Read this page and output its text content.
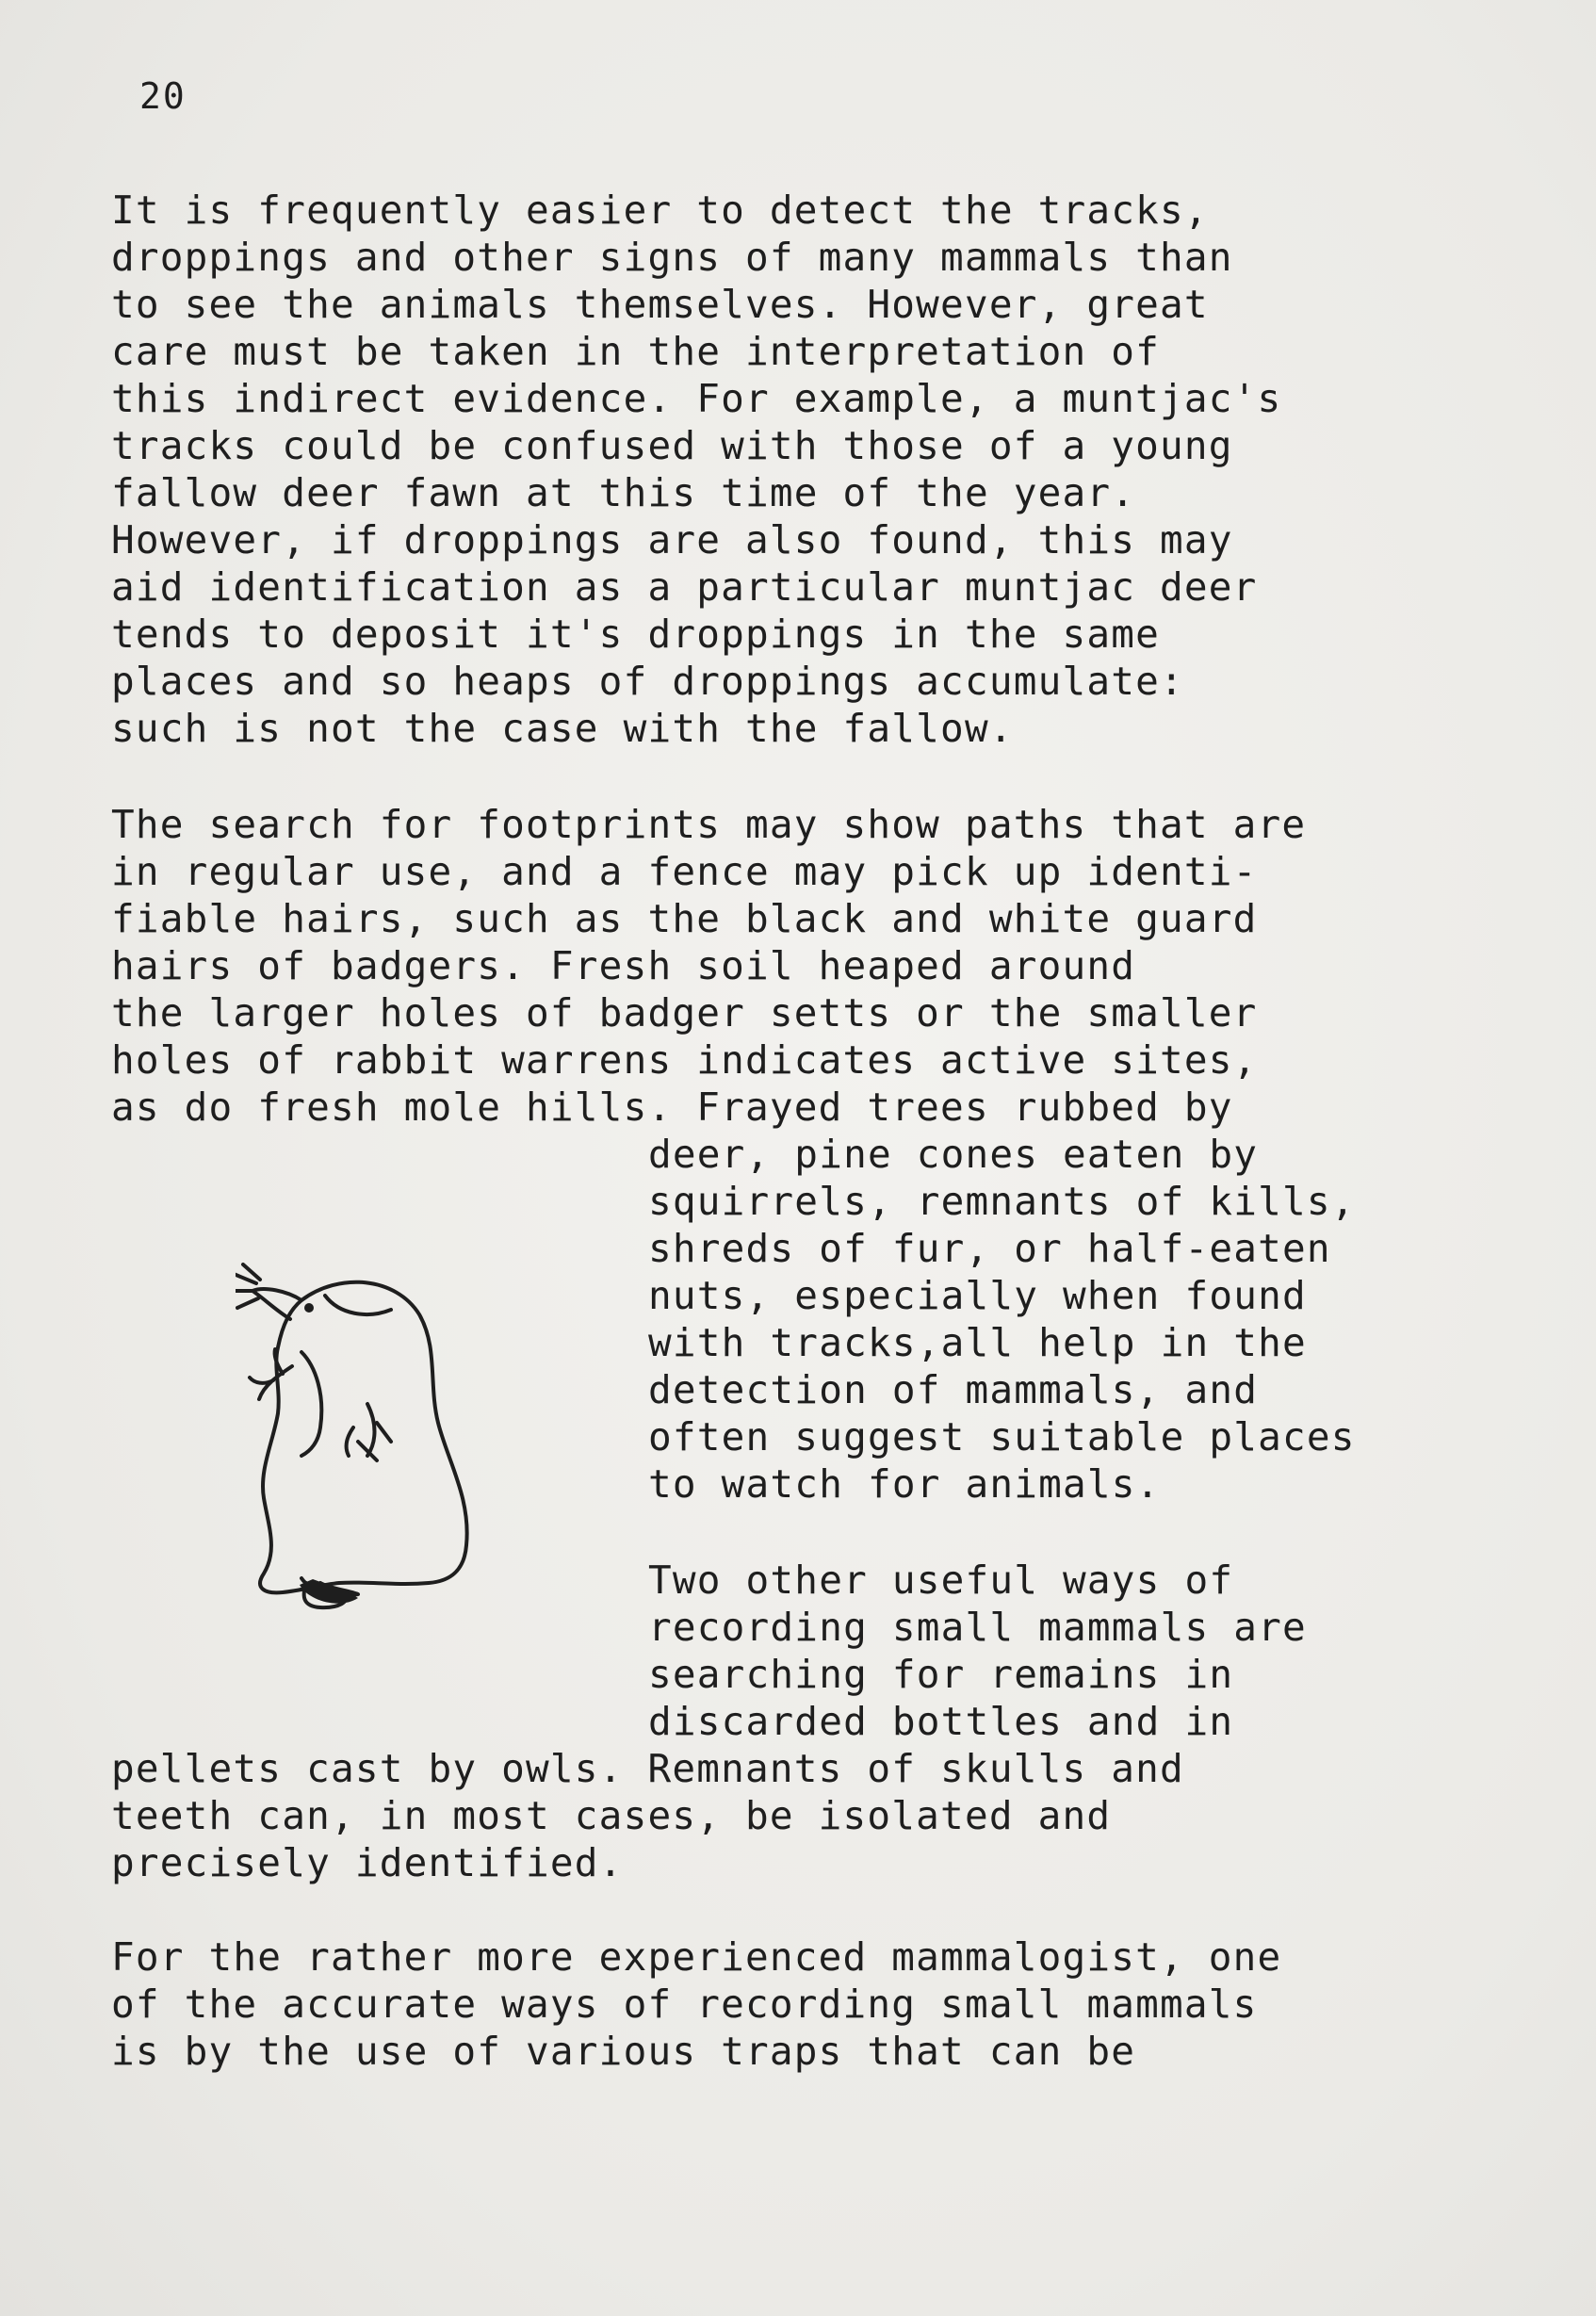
20
It is frequently easier to detect the tracks,
droppings and other signs of many mammals than
to see the animals themselves. However, great
care must be taken in the interpretation of
this indirect evidence. For example, a muntjac's
tracks could be confused with those of a young
fallow deer fawn at this time of the year.
However, if droppings are also found, this may
aid identification as a particular muntjac deer
tends to deposit it's droppings in the same
places and so heaps of droppings accumulate:
such is not the case with the fallow.
The search for footprints may show paths that are
in regular use, and a fence may pick up identi-
fiable hairs, such as the black and white guard
hairs of badgers. Fresh soil heaped around
the larger holes of badger setts or the smaller
holes of rabbit warrens indicates active sites,
as do fresh mole hills. Frayed trees rubbed by
deer, pine cones eaten by
squirrels, remnants of kills,
shreds of fur, or half-eaten
nuts, especially when found
with tracks,all help in the
detection of mammals, and
often suggest suitable places
to watch for animals.
Two other useful ways of
recording small mammals are
searching for remains in
discarded bottles and in
pellets cast by owls. Remnants of skulls and
teeth can, in most cases, be isolated and
precisely identified.
For the rather more experienced mammalogist, one
of the accurate ways of recording small mammals
is by the use of various traps that can be
